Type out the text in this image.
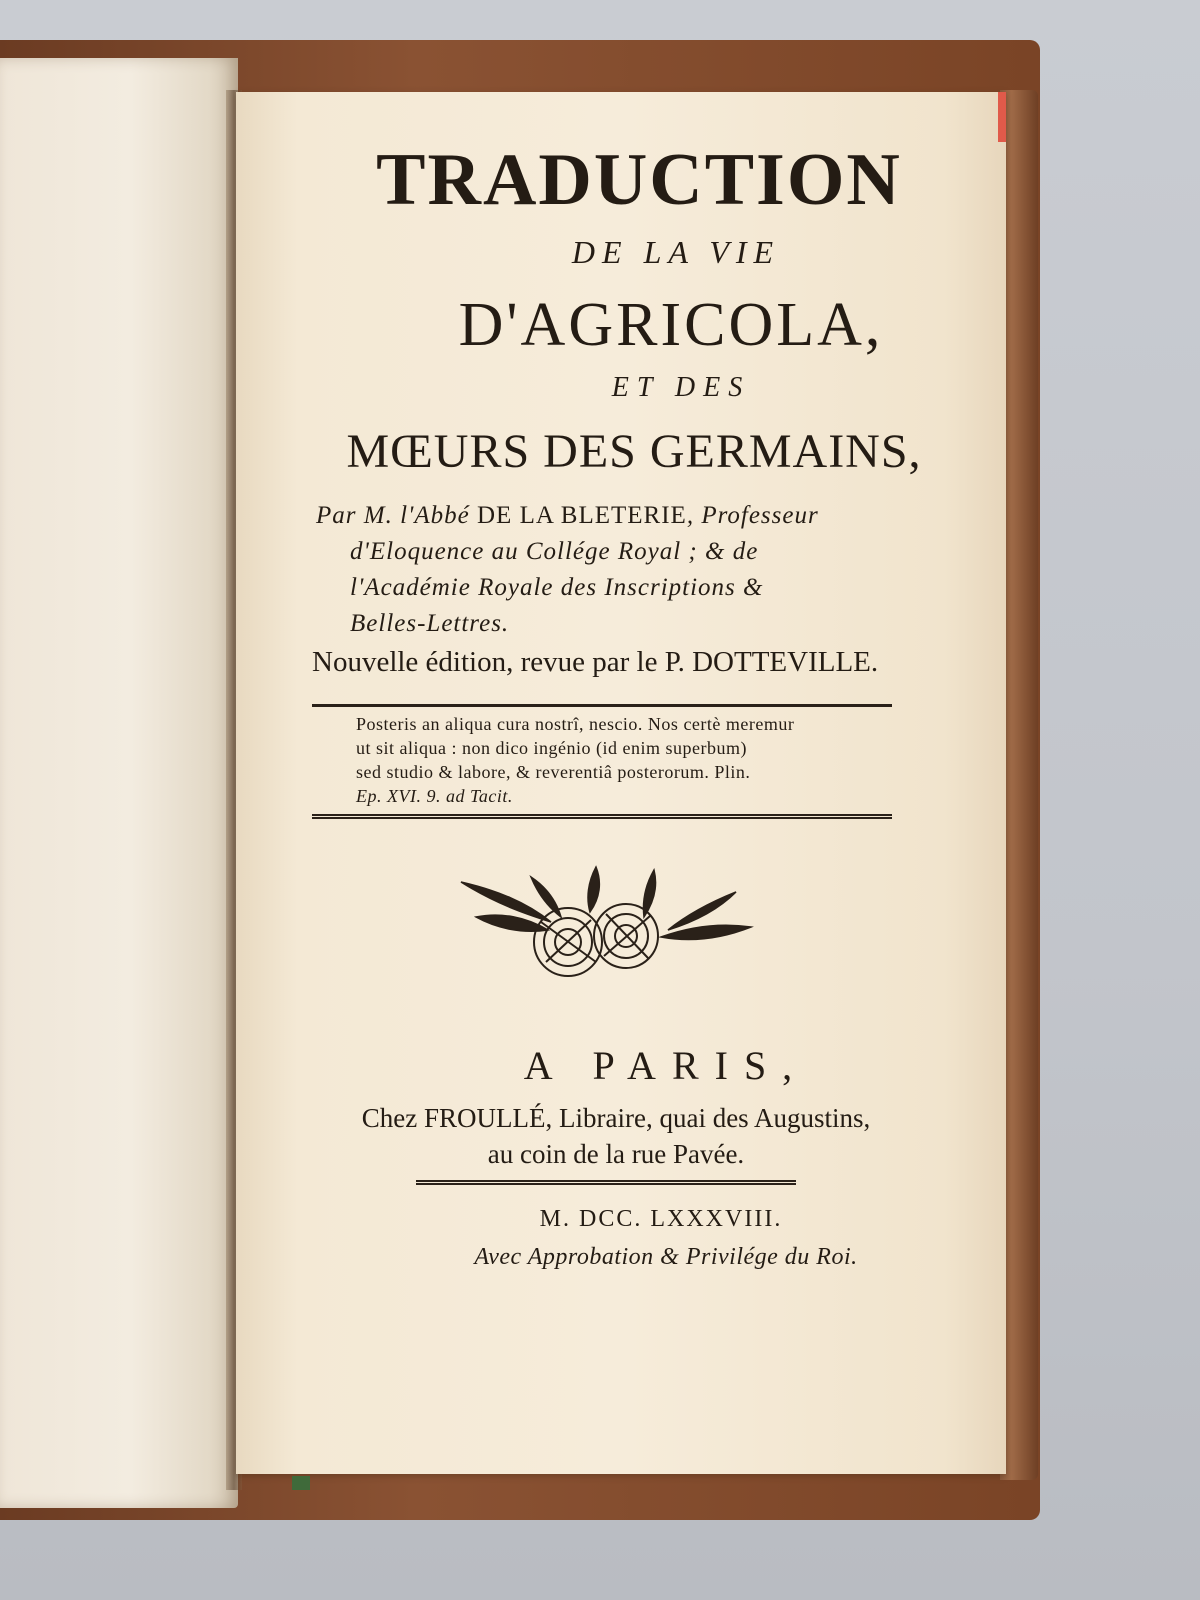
TRADUCTION
DE LA VIE
D'AGRICOLA,
ET DES
MŒURS DES GERMAINS,
Par M. l'Abbé DE LA BLETERIE, Professeur
d'Eloquence au Collége Royal ; & de
l'Académie Royale des Inscriptions &
Belles-Lettres.
Nouvelle édition, revue par le P. DOTTEVILLE.
Posteris an aliqua cura nostrî, nescio. Nos certè meremur
ut sit aliqua : non dico ingénio (id enim superbum)
sed studio & labore, & reverentiâ posterorum. Plin.
Ep. XVI. 9. ad Tacit.
A PARIS,
Chez FROULLÉ, Libraire, quai des Augustins,
au coin de la rue Pavée.
M. DCC. LXXXVIII.
Avec Approbation & Privilége du Roi.
